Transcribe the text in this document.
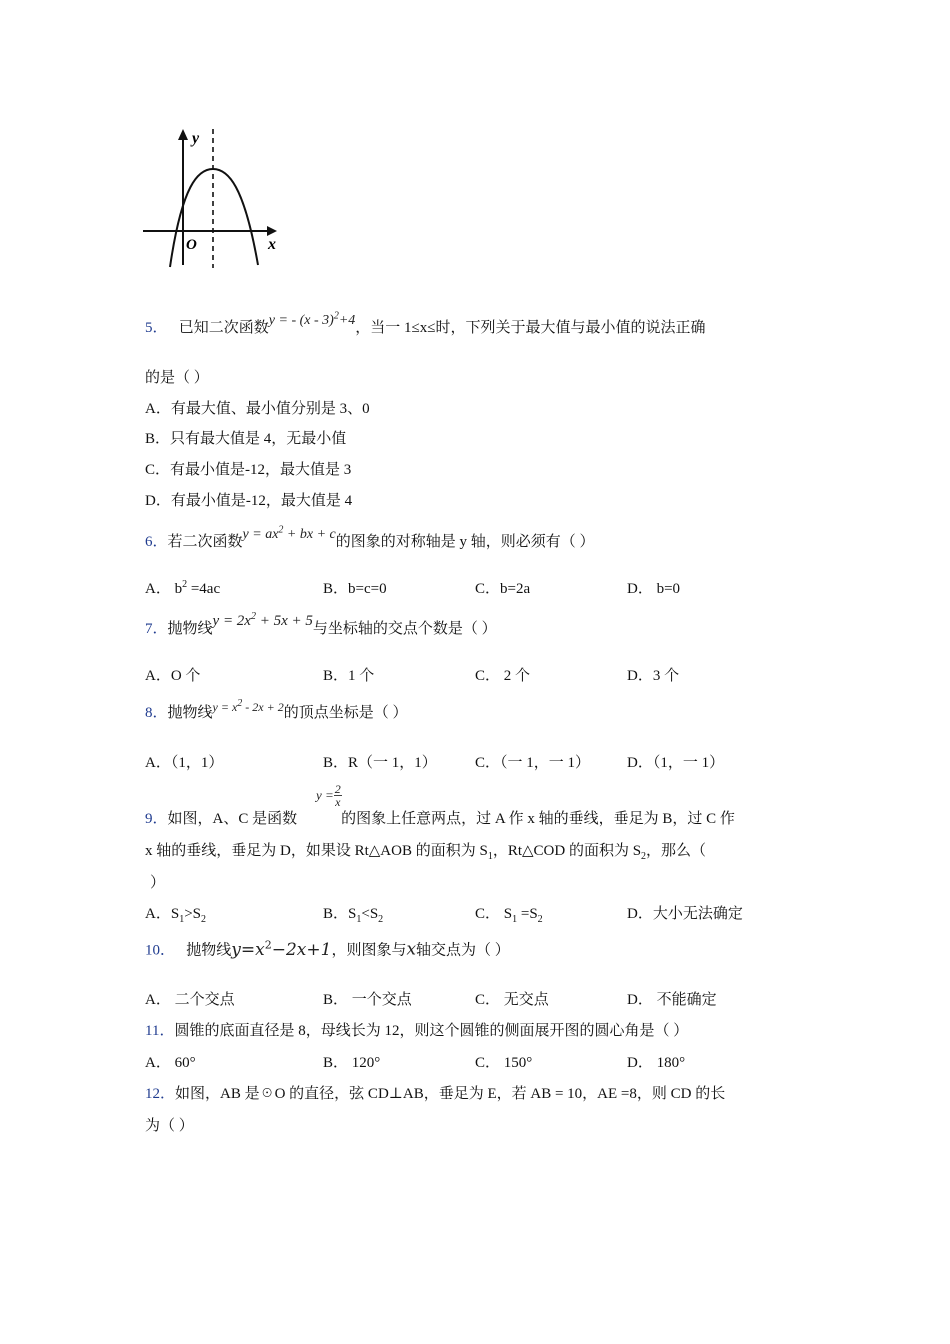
y
x
O
5． 已知二次函数y = - (x - 3)$^2$+4，当一 1≤x≤时，下列关于最大值与最小值的说法正确
的是（ ）
A．有最大值、最小值分别是 3、0
B．只有最大值是 4，无最小值
C．有最小值是-12，最大值是 3
D．有最小值是-12，最大值是 4
6．若二次函数$y = ax^2$ + bx + c的图象的对称轴是 y 轴，则必须有（ ）
A． $b^2 =4ac$	B．b=c=0	C．b=2a	D． b=0
7．抛物线$y = 2x^2 + 5x + 5$与坐标轴的交点个数是（ ）
A．O 个	B．1 个	C． 2 个	D．3 个
8．抛物线$^{y = x^2 - 2x + 2}$的顶点坐标是（ ）
A．（1，1）	B．R（一 1，1）	C．（一 1，一 1） D．（1，一 1）
$y = \frac{2}{x}$
9．如图，A、C 是函数	的图象上任意两点，过 A 作 x 轴的垂线，垂足为 B，过 C 作
x 轴的垂线，垂足为 D，如果设 Rt△AOB 的面积为 $S_1$，Rt△COD 的面积为 $S_2$，那么（
）
A．$S_1>S_2$	B．$S_1<S_2$	C． $S_1 =S_2$	D．大小无法确定
10． 抛物线$y=x^2-2x+1$，则图象与x轴交点为（ ）
A． 二个交点	B． 一个交点	C． 无交点	D． 不能确定
11．圆锥的底面直径是 8，母线长为 12，则这个圆锥的侧面展开图的圆心角是（ ）
A． 60°	B． 120°	C． 150°	D． 180°
12．如图，AB 是☉O 的直径，弦 CD⊥AB，垂足为 E，若 AB = 10，AE =8，则 CD 的长
为（ ）
